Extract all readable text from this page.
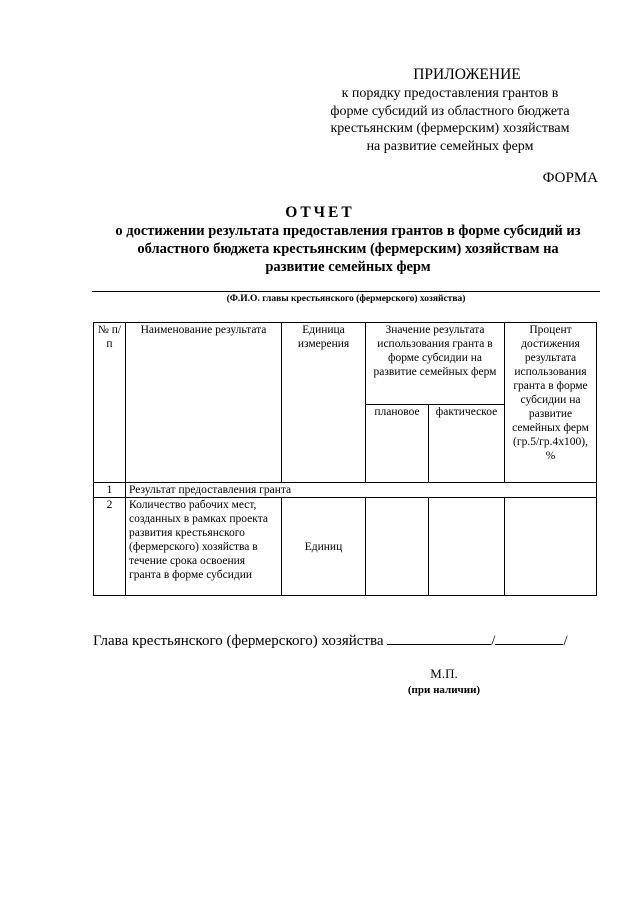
ПРИЛОЖЕНИЕ
к порядку предоставления грантов в
форме субсидий из областного бюджета
крестьянским (фермерским) хозяйствам
на развитие семейных ферм
ФОРМА
ОТЧЕТ
о достижении результата предоставления грантов в форме субсидий из
областного бюджета крестьянским (фермерским) хозяйствам на
развитие семейных ферм
(Ф.И.О. главы крестьянского (фермерского) хозяйства)
№ п/п	Наименование результата	Единица измерения	Значение результата использования гранта в форме субсидии на развитие семейных ферм		Процент достижения результата использования гранта в форме субсидии на развитие семейных ферм (гр.5/гр.4х100), %
			плановое	фактическое	
1	Результат предоставления гранта				
2	Количество рабочих мест, созданных в рамках проекта развития крестьянского (фермерского) хозяйства в течение срока освоения гранта в форме субсидии	Единиц			
Глава крестьянского (фермерского) хозяйства	/	/
М.П.
(при наличии)
